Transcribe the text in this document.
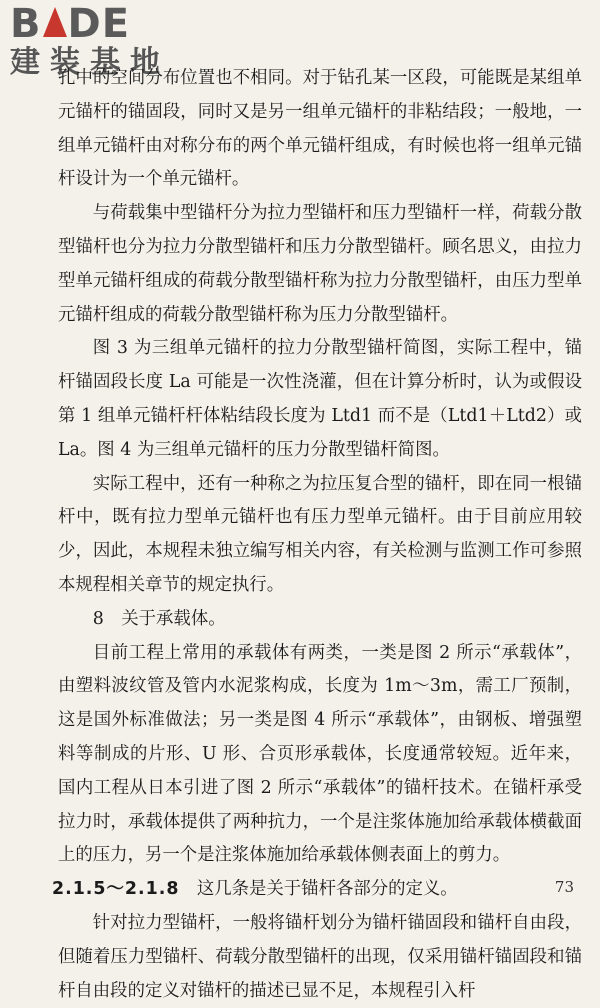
B DE
建装基地

孔中的空间分布位置也不相同。对于钻孔某一区段，可能既是某组单元锚杆的锚固段，同时又是另一组单元锚杆的非粘结段；一般地，一组单元锚杆由对称分布的两个单元锚杆组成，有时候也将一组单元锚杆设计为一个单元锚杆。

与荷载集中型锚杆分为拉力型锚杆和压力型锚杆一样，荷载分散型锚杆也分为拉力分散型锚杆和压力分散型锚杆。顾名思义，由拉力型单元锚杆组成的荷载分散型锚杆称为拉力分散型锚杆，由压力型单元锚杆组成的荷载分散型锚杆称为压力分散型锚杆。

图 3 为三组单元锚杆的拉力分散型锚杆简图，实际工程中，锚杆锚固段长度 La 可能是一次性浇灌，但在计算分析时，认为或假设第 1 组单元锚杆杆体粘结段长度为 Ltd1 而不是（Ltd1＋Ltd2）或 La。图 4 为三组单元锚杆的压力分散型锚杆简图。

实际工程中，还有一种称之为拉压复合型的锚杆，即在同一根锚杆中，既有拉力型单元锚杆也有压力型单元锚杆。由于目前应用较少，因此，本规程未独立编写相关内容，有关检测与监测工作可参照本规程相关章节的规定执行。

8　关于承载体。

目前工程上常用的承载体有两类，一类是图 2 所示“承载体”，由塑料波纹管及管内水泥浆构成，长度为 1m～3m，需工厂预制，这是国外标准做法；另一类是图 4 所示“承载体”，由钢板、增强塑料等制成的片形、U 形、合页形承载体，长度通常较短。近年来，国内工程从日本引进了图 2 所示“承载体”的锚杆技术。在锚杆承受拉力时，承载体提供了两种抗力，一个是注浆体施加给承载体横截面上的压力，另一个是注浆体施加给承载体侧表面上的剪力。

2.1.5～2.1.8　 这几条是关于锚杆各部分的定义。

针对拉力型锚杆，一般将锚杆划分为锚杆锚固段和锚杆自由段，但随着压力型锚杆、荷载分散型锚杆的出现，仅采用锚杆锚固段和锚杆自由段的定义对锚杆的描述已显不足，本规程引入杆

73
